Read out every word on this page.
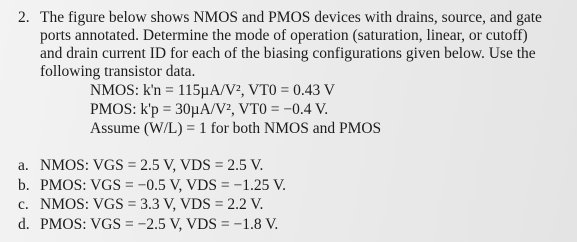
2. The figure below shows NMOS and PMOS devices with drains, source, and gate
ports annotated. Determine the mode of operation (saturation, linear, or cutoff)
and drain current ID for each of the biasing configurations given below. Use the
following transistor data.
NMOS: k'n = 115µA/V², VT0 = 0.43 V
PMOS: k'p = 30µA/V², VT0 = −0.4 V.
Assume (W/L) = 1 for both NMOS and PMOS
a. NMOS: VGS = 2.5 V, VDS = 2.5 V.
b. PMOS: VGS = −0.5 V, VDS = −1.25 V.
c. NMOS: VGS = 3.3 V, VDS = 2.2 V.
d. PMOS: VGS = −2.5 V, VDS = −1.8 V.
